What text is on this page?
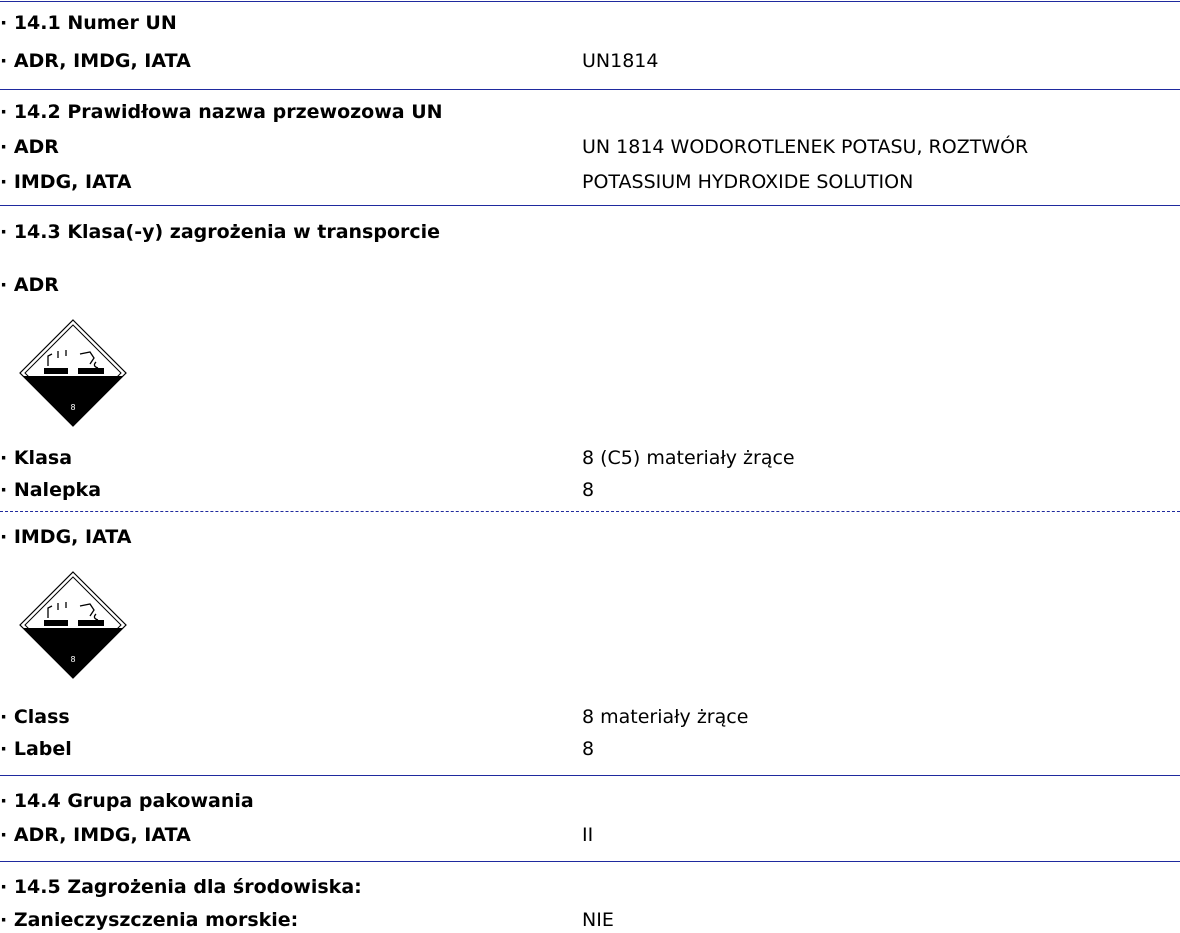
· 14.1 Numer UN
· ADR, IMDG, IATA	UN1814
· 14.2 Prawidłowa nazwa przewozowa UN
· ADR	UN 1814 WODOROTLENEK POTASU, ROZTWÓR
· IMDG, IATA	POTASSIUM HYDROXIDE SOLUTION
· 14.3 Klasa(-y) zagrożenia w transporcie
· ADR
8
· Klasa	8 (C5) materiały żrące
· Nalepka	8
· IMDG, IATA
8
· Class	8 materiały żrące
· Label	8
· 14.4 Grupa pakowania
· ADR, IMDG, IATA	II
· 14.5 Zagrożenia dla środowiska:
· Zanieczyszczenia morskie:	NIE
